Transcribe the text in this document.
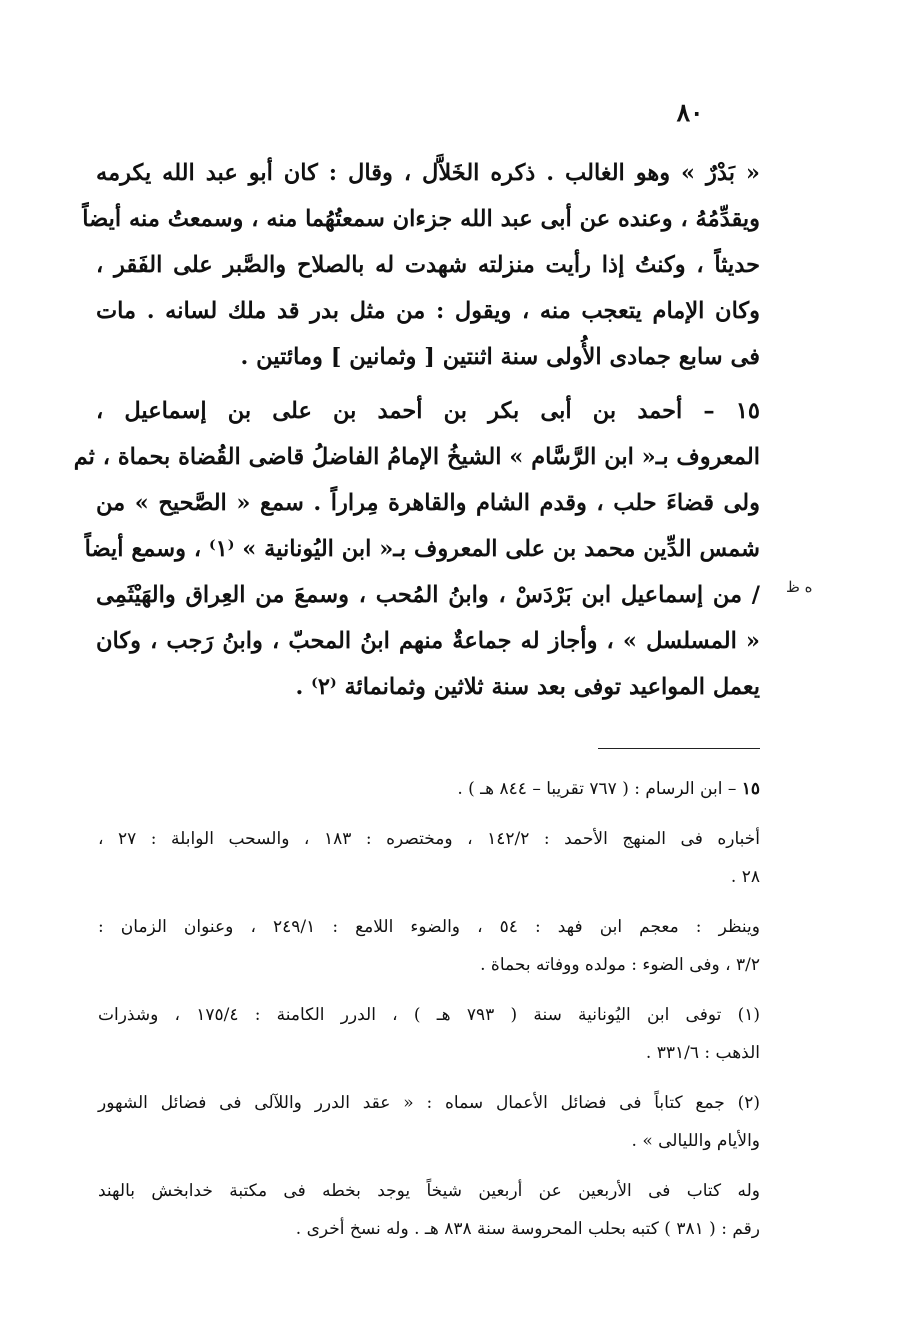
٨٠
« بَدْرٌ » وهو الغالب . ذكره الخَلاَّل ، وقال : كان أبو عبد الله يكرمه
ويقدِّمُهُ ، وعنده عن أبى عبد الله جزءان سمعتُهُما منه ، وسمعتُ منه أيضاً
حديثاً ، وكنتُ إذا رأيت منزلته شهدت له بالصلاح والصَّبر على الفَقر ،
وكان الإمام يتعجب منه ، ويقول : من مثل بدر قد ملك لسانه . مات
فى سابع جمادى الأُولى سنة اثنتين [ وثمانين ] ومائتين .
١٥ – أحمد بن أبى بكر بن أحمد بن على بن إسماعيل ،
المعروف بـ« ابن الرَّسَّام » الشيخُ الإمامُ الفاضلُ قاضى القُضاة بحماة ، ثم
ولى قضاءَ حلب ، وقدم الشام والقاهرة مِراراً . سمع « الصَّحيح » من
شمس الدِّين محمد بن على المعروف بـ« ابن اليُونانية » ⁽١⁾ ، وسمع أيضاً
/ من إسماعيل ابن بَرْدَسْ ، وابنُ المُحب ، وسمعَ من العِراق والهَيْثَمِى
« المسلسل » ، وأجاز له جماعةٌ منهم ابنُ المحبّ ، وابنُ رَجب ، وكان
يعمل المواعيد توفى بعد سنة ثلاثين وثمانمائة ⁽٢⁾ .
ه ظ
١٥ – ابن الرسام : ( ٧٦٧ تقريبا – ٨٤٤ هـ ) .
أخباره فى المنهج الأحمد : ١٤٢/٢ ، ومختصره : ١٨٣ ، والسحب الوابلة : ٢٧ ،
٢٨ .
وينظر : معجم ابن فهد : ٥٤ ، والضوء اللامع : ٢٤٩/١ ، وعنوان الزمان :
٣/٢ ، وفى الضوء : مولده ووفاته بحماة .
(١) توفى ابن اليُونانية سنة ( ٧٩٣ هـ ) ، الدرر الكامنة : ١٧٥/٤ ، وشذرات
الذهب : ٣٣١/٦ .
(٢) جمع كتاباً فى فضائل الأعمال سماه : « عقد الدرر واللآلى فى فضائل الشهور
والأيام والليالى » .
وله كتاب فى الأربعين عن أربعين شيخاً يوجد بخطه فى مكتبة خدابخش بالهند
رقم : ( ٣٨١ ) كتبه بحلب المحروسة سنة ٨٣٨ هـ . وله نسخ أخرى .
